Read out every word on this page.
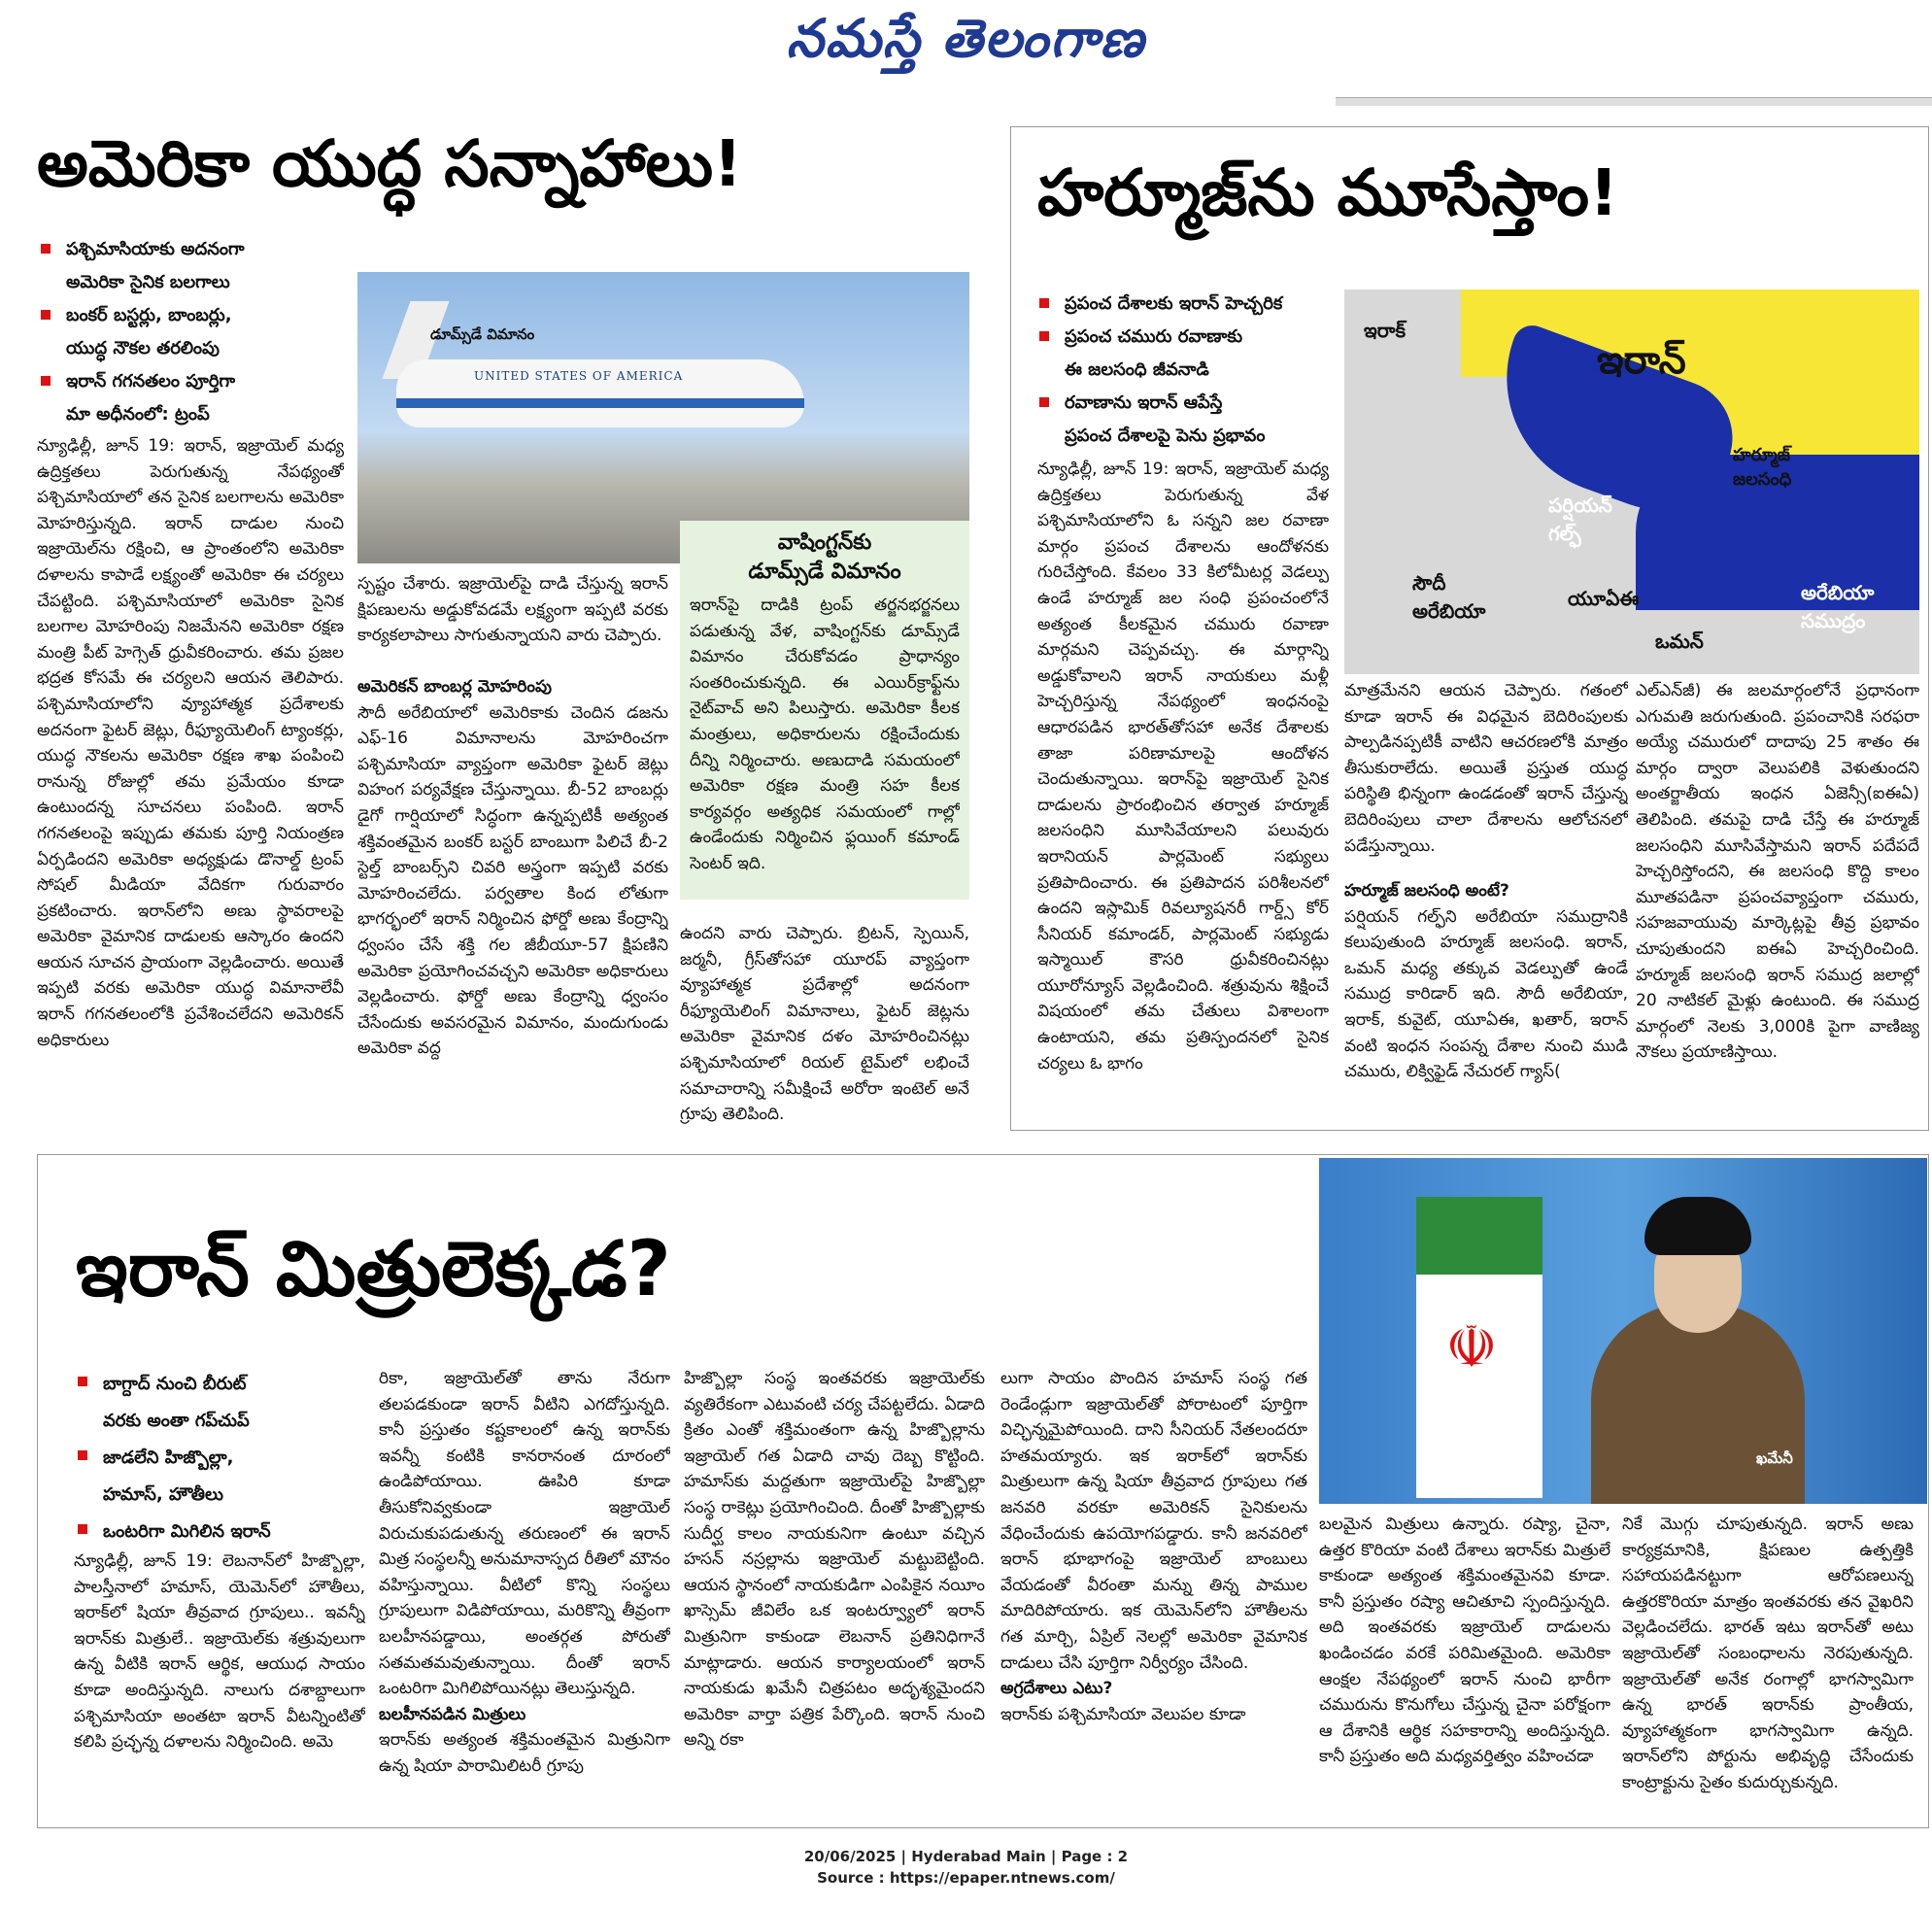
నమస్తే తెలంగాణ
అమెరికా యుద్ధ సన్నాహాలు!
పశ్చిమాసియాకు అదనంగా
అమెరికా సైనిక బలగాలు
బంకర్ బస్టర్లు, బాంబర్లు,
యుద్ధ నౌకల తరలింపు
ఇరాన్ గగనతలం పూర్తిగా
మా అధీనంలో: ట్రంప్

న్యూఢిల్లీ, జూన్ 19: ఇరాన్, ఇజ్రాయెల్ మధ్య ఉద్రిక్తతలు పెరుగుతున్న నేపథ్యంతో పశ్చిమాసియాలో తన సైనిక బలగాలను అమెరికా మోహరిస్తున్నది. ఇరాన్ దాడుల నుంచి ఇజ్రాయెల్‌ను రక్షించి, ఆ ప్రాంతంలోని అమెరికా దళాలను కాపాడే లక్ష్యంతో అమెరికా ఈ చర్యలు చేపట్టింది. పశ్చిమాసియాలో అమెరికా సైనిక బలగాల మోహరింపు నిజమేనని అమెరికా రక్షణ మంత్రి పీట్ హెగ్సెత్ ధ్రువీకరించారు. తమ ప్రజల భద్రత కోసమే ఈ చర్యలని ఆయన తెలిపారు. పశ్చిమాసియాలోని వ్యూహాత్మక ప్రదేశాలకు అదనంగా ఫైటర్ జెట్లు, రీఫ్యూయెలింగ్ ట్యాంకర్లు, యుద్ధ నౌకలను అమెరికా రక్షణ శాఖ పంపించి రానున్న రోజుల్లో తమ ప్రమేయం కూడా ఉంటుందన్న సూచనలు పంపింది. ఇరాన్ గగనతలంపై ఇప్పుడు తమకు పూర్తి నియంత్రణ ఏర్పడిందని అమెరికా అధ్యక్షుడు డొనాల్డ్ ట్రంప్ సోషల్ మీడియా వేదికగా గురువారం ప్రకటించారు. ఇరాన్‌లోని అణు స్థావరాలపై అమెరికా వైమానిక దాడులకు ఆస్కారం ఉందని ఆయన సూచన ప్రాయంగా వెల్లడించారు. అయితే ఇప్పటి వరకు అమెరికా యుద్ధ విమానాలేవీ ఇరాన్ గగనతలంలోకి ప్రవేశించలేదని అమెరికన్ అధికారులు

UNITED STATES OF AMERICA
డూమ్స్‌డే విమానం

స్పష్టం చేశారు. ఇజ్రాయెల్‌పై దాడి చేస్తున్న ఇరాన్ క్షిపణులను అడ్డుకోవడమే లక్ష్యంగా ఇప్పటి వరకు కార్యకలాపాలు సాగుతున్నాయని వారు చెప్పారు.

అమెరికన్ బాంబర్ల మోహరింపు

సౌదీ అరేబియాలో అమెరికాకు చెందిన డజను ఎఫ్-16 విమానాలను మోహరించగా పశ్చిమాసియా వ్యాప్తంగా అమెరికా ఫైటర్ జెట్లు విహంగ పర్యవేక్షణ చేస్తున్నాయి. బీ-52 బాంబర్లు డైగో గార్షియాలో సిద్ధంగా ఉన్నప్పటికీ అత్యంత శక్తివంతమైన బంకర్ బస్టర్ బాంబుగా పిలిచే బీ-2 స్టెల్త్ బాంబర్స్‌ని చివరి అస్త్రంగా ఇప్పటి వరకు మోహరించలేదు. పర్వతాల కింద లోతుగా భాగర్భంలో ఇరాన్ నిర్మించిన ఫోర్డో అణు కేంద్రాన్ని ధ్వంసం చేసే శక్తి గల జీబీయూ-57 క్షిపణిని అమెరికా ప్రయోగించవచ్చని అమెరికా అధికారులు వెల్లడించారు. ఫోర్డో అణు కేంద్రాన్ని ధ్వంసం చేసేందుకు అవసరమైన విమానం, మందుగుండు అమెరికా వద్ద

వాషింగ్టన్‌కు
డూమ్స్‌డే విమానం

ఇరాన్‌పై దాడికి ట్రంప్ తర్జనభర్జనలు పడుతున్న వేళ, వాషింగ్టన్‌కు డూమ్స్‌డే విమానం చేరుకోవడం ప్రాధాన్యం సంతరించుకున్నది. ఈ ఎయిర్‌క్రాఫ్ట్‌ను నైట్‌వాచ్ అని పిలుస్తారు. అమెరికా కీలక మంత్రులు, అధికారులను రక్షించేందుకు దీన్ని నిర్మించారు. అణుదాడి సమయంలో అమెరికా రక్షణ మంత్రి సహ కీలక కార్యవర్గం అత్యధిక సమయంలో గాల్లో ఉండేందుకు నిర్మించిన ఫ్లయింగ్ కమాండ్ సెంటర్ ఇది.

ఉందని వారు చెప్పారు. బ్రిటన్, స్పెయిన్, జర్మనీ, గ్రీస్‌తోసహా యూరప్ వ్యాప్తంగా వ్యూహాత్మక ప్రదేశాల్లో అదనంగా రీఫ్యూయెలింగ్ విమానాలు, ఫైటర్ జెట్లను అమెరికా వైమానిక దళం మోహరించినట్లు పశ్చిమాసియాలో రియల్ టైమ్‌లో లభించే సమాచారాన్ని సమీక్షించే అరోరా ఇంటెల్ అనే గ్రూపు తెలిపింది.

హర్మూజ్‌ను మూసేస్తాం!
ప్రపంచ దేశాలకు ఇరాన్ హెచ్చరిక
ప్రపంచ చమురు రవాణాకు
ఈ జలసంధి జీవనాడి
రవాణాను ఇరాన్ ఆపేస్తే
ప్రపంచ దేశాలపై పెను ప్రభావం
ఇరాక్
ఇరాన్
హర్మూజ్
జలసంధి
పర్షియన్
గల్ఫ్
సౌదీ
అరేబియా
యూఏఈ
ఒమన్
అరేబియా
సముద్రం

న్యూఢిల్లీ, జూన్ 19: ఇరాన్, ఇజ్రాయెల్ మధ్య ఉద్రిక్తతలు పెరుగుతున్న వేళ పశ్చిమాసియాలోని ఓ సన్నని జల రవాణా మార్గం ప్రపంచ దేశాలను ఆందోళనకు గురిచేస్తోంది. కేవలం 33 కిలోమీటర్ల వెడల్పు ఉండే హర్మూజ్ జల సంధి ప్రపంచంలోనే అత్యంత కీలకమైన చమురు రవాణా మార్గమని చెప్పవచ్చు. ఈ మార్గాన్ని అడ్డుకోవాలని ఇరాన్ నాయకులు మళ్లీ హెచ్చరిస్తున్న నేపథ్యంలో ఇంధనంపై ఆధారపడిన భారత్‌తోసహా అనేక దేశాలకు తాజా పరిణామాలపై ఆందోళన చెందుతున్నాయి. ఇరాన్‌పై ఇజ్రాయెల్ సైనిక దాడులను ప్రారంభించిన తర్వాత హర్మూజ్ జలసంధిని మూసివేయాలని పలువురు ఇరానియన్ పార్లమెంట్ సభ్యులు ప్రతిపాదించారు. ఈ ప్రతిపాదన పరిశీలనలో ఉందని ఇస్లామిక్ రివల్యూషనరీ గార్డ్స్ కోర్ సీనియర్ కమాండర్, పార్లమెంట్ సభ్యుడు ఇస్మాయిల్ కౌసరి ధ్రువీకరించినట్లు యూరోన్యూస్ వెల్లడించింది. శత్రువును శిక్షించే విషయంలో తమ చేతులు విశాలంగా ఉంటాయని, తమ ప్రతిస్పందనలో సైనిక చర్యలు ఓ భాగం

మాత్రమేనని ఆయన చెప్పారు. గతంలో కూడా ఇరాన్ ఈ విధమైన బెదిరింపులకు పాల్పడినప్పటికీ వాటిని ఆచరణలోకి మాత్రం తీసుకురాలేదు. అయితే ప్రస్తుత యుద్ధ పరిస్థితి భిన్నంగా ఉండడంతో ఇరాన్ చేస్తున్న బెదిరింపులు చాలా దేశాలను ఆలోచనలో పడేస్తున్నాయి.

హర్మూజ్ జలసంధి అంటే?

పర్షియన్ గల్ఫ్‌ని అరేబియా సముద్రానికి కలుపుతుంది హర్మూజ్ జలసంధి. ఇరాన్, ఒమన్ మధ్య తక్కువ వెడల్పుతో ఉండే సముద్ర కారిడార్ ఇది. సౌదీ అరేబియా, ఇరాక్, కువైట్, యూఏఈ, ఖతార్, ఇరాన్ వంటి ఇంధన సంపన్న దేశాల నుంచి ముడి చమురు, లిక్విఫైడ్ నేచురల్ గ్యాస్(

ఎల్ఎన్‌జీ) ఈ జలమార్గంలోనే ప్రధానంగా ఎగుమతి జరుగుతుంది. ప్రపంచానికి సరఫరా అయ్యే చమురులో దాదాపు 25 శాతం ఈ మార్గం ద్వారా వెలుపలికి వెళుతుందని అంతర్జాతీయ ఇంధన ఏజెన్సీ(ఐఈఏ) తెలిపింది. తమపై దాడి చేస్తే ఈ హర్మూజ్ జలసంధిని మూసివేస్తామని ఇరాన్ పదేపదే హెచ్చరిస్తోందని, ఈ జలసంధి కొద్ది కాలం మూతపడినా ప్రపంచవ్యాప్తంగా చమురు, సహజవాయువు మార్కెట్లపై తీవ్ర ప్రభావం చూపుతుందని ఐఈఏ హెచ్చరించింది. హర్మూజ్ జలసంధి ఇరాన్ సముద్ర జలాల్లో 20 నాటికల్ మైళ్లు ఉంటుంది. ఈ సముద్ర మార్గంలో నెలకు 3,000కి పైగా వాణిజ్య నౌకలు ప్రయాణిస్తాయి.

ఇరాన్ మిత్రులెక్కడ?
☫
ఖమేనీ
బాగ్దాద్ నుంచి బీరుట్
వరకు అంతా గప్‌చుప్
జాడలేని హిజ్బొల్లా,
హమాస్, హౌతీలు
ఒంటరిగా మిగిలిన ఇరాన్

న్యూఢిల్లీ, జూన్ 19: లెబనాన్‌లో హిజ్బొల్లా, పాలస్తీనాలో హమాస్, యెమెన్‌లో హౌతీలు, ఇరాక్‌లో షియా తీవ్రవాద గ్రూపులు.. ఇవన్నీ ఇరాన్‌కు మిత్రులే.. ఇజ్రాయెల్‌కు శత్రువులుగా ఉన్న వీటికి ఇరాన్ ఆర్థిక, ఆయుధ సాయం కూడా అందిస్తున్నది. నాలుగు దశాబ్దాలుగా పశ్చిమాసియా అంతటా ఇరాన్ వీటన్నింటితో కలిపి ప్రచ్ఛన్న దళాలను నిర్మించింది. అమె

రికా, ఇజ్రాయెల్‌తో తాను నేరుగా తలపడకుండా ఇరాన్ వీటిని ఎగదోస్తున్నది. కానీ ప్రస్తుతం కష్టకాలంలో ఉన్న ఇరాన్‌కు ఇవన్నీ కంటికి కానరానంత దూరంలో ఉండిపోయాయి. ఊపిరి కూడా తీసుకోనివ్వకుండా ఇజ్రాయెల్ విరుచుకుపడుతున్న తరుణంలో ఈ ఇరాన్ మిత్ర సంస్థలన్నీ అనుమానాస్పద రీతిలో మౌనం వహిస్తున్నాయి. వీటిలో కొన్ని సంస్థలు గ్రూపులుగా విడిపోయాయి, మరికొన్ని తీవ్రంగా బలహీనపడ్డాయి, అంతర్గత పోరుతో సతమతమవుతున్నాయి. దీంతో ఇరాన్ ఒంటరిగా మిగిలిపోయినట్లు తెలుస్తున్నది.

బలహీనపడిన మిత్రులు

ఇరాన్‌కు అత్యంత శక్తిమంతమైన మిత్రునిగా ఉన్న షియా పారామిలిటరీ గ్రూపు

హిజ్బొల్లా సంస్థ ఇంతవరకు ఇజ్రాయెల్‌కు వ్యతిరేకంగా ఎటువంటి చర్య చేపట్టలేదు. ఏడాది క్రితం ఎంతో శక్తిమంతంగా ఉన్న హిజ్బొల్లాను ఇజ్రాయెల్ గత ఏడాది చావు దెబ్బ కొట్టింది. హమాస్‌కు మద్దతుగా ఇజ్రాయెల్‌పై హిజ్బొల్లా సంస్థ రాకెట్లు ప్రయోగించింది. దీంతో హిజ్బొల్లాకు సుదీర్ఘ కాలం నాయకునిగా ఉంటూ వచ్చిన హసన్ నస్రల్లాను ఇజ్రాయెల్ మట్టుబెట్టింది. ఆయన స్థానంలో నాయకుడిగా ఎంపికైన నయీం ఖాస్సెమ్ జీవిలేం ఒక ఇంటర్వ్యూలో ఇరాన్ మిత్రునిగా కాకుండా లెబనాన్ ప్రతినిధిగానే మాట్లాడారు. ఆయన కార్యాలయంలో ఇరాన్ నాయకుడు ఖమేనీ చిత్రపటం అదృశ్యమైందని అమెరికా వార్తా పత్రిక పేర్కొంది. ఇరాన్ నుంచి అన్ని రకా

లుగా సాయం పొందిన హమాస్ సంస్థ గత రెండేండ్లుగా ఇజ్రాయెల్‌తో పోరాటంలో పూర్తిగా విచ్ఛిన్నమైపోయింది. దాని సీనియర్ నేతలందరూ హతమయ్యారు. ఇక ఇరాక్‌లో ఇరాన్‌కు మిత్రులుగా ఉన్న షియా తీవ్రవాద గ్రూపులు గత జనవరి వరకూ అమెరికన్ సైనికులను వేధించేందుకు ఉపయోగపడ్డారు. కానీ జనవరిలో ఇరాన్ భూభాగంపై ఇజ్రాయెల్ బాంబులు వేయడంతో వీరంతా మన్ను తిన్న పాముల మాదిరిపోయారు. ఇక యెమెన్‌లోని హౌతీలను గత మార్చి, ఏప్రిల్ నెలల్లో అమెరికా వైమానిక దాడులు చేసి పూర్తిగా నిర్వీర్యం చేసింది.

అగ్రదేశాలు ఎటు?

ఇరాన్‌కు పశ్చిమాసియా వెలుపల కూడా

బలమైన మిత్రులు ఉన్నారు. రష్యా, చైనా, ఉత్తర కొరియా వంటి దేశాలు ఇరాన్‌కు మిత్రులే కాకుండా అత్యంత శక్తిమంతమైనవి కూడా. కానీ ప్రస్తుతం రష్యా ఆచితూచి స్పందిస్తున్నది. అది ఇంతవరకు ఇజ్రాయెల్ దాడులను ఖండించడం వరకే పరిమితమైంది. అమెరికా ఆంక్షల నేపథ్యంలో ఇరాన్ నుంచి భారీగా చమురును కొనుగోలు చేస్తున్న చైనా పరోక్షంగా ఆ దేశానికి ఆర్థిక సహకారాన్ని అందిస్తున్నది. కానీ ప్రస్తుతం అది మధ్యవర్తిత్వం వహించడా

నికే మొగ్గు చూపుతున్నది. ఇరాన్ అణు కార్యక్రమానికి, క్షిపణుల ఉత్పత్తికి సహాయపడినట్టుగా ఆరోపణలున్న ఉత్తరకొరియా మాత్రం ఇంతవరకు తన వైఖరిని వెల్లడించలేదు. భారత్ ఇటు ఇరాన్‌తో అటు ఇజ్రాయెల్‌తో సంబంధాలను నెరపుతున్నది. ఇజ్రాయెల్‌తో అనేక రంగాల్లో భాగస్వామిగా ఉన్న భారత్ ఇరాన్‌కు ప్రాంతీయ, వ్యూహాత్మకంగా భాగస్వామిగా ఉన్నది. ఇరాన్‌లోని పోర్టును అభివృద్ధి చేసేందుకు కాంట్రాక్టును సైతం కుదుర్చుకున్నది.

20/06/2025 | Hyderabad Main | Page : 2
Source : https://epaper.ntnews.com/
